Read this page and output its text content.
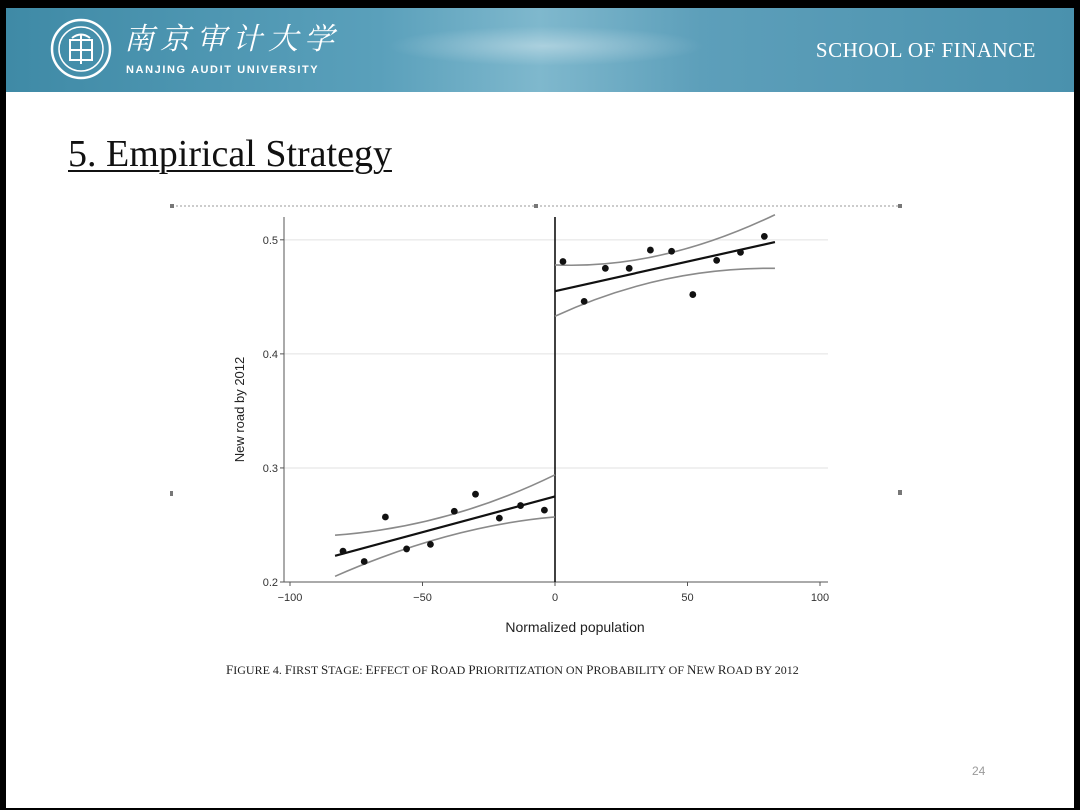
南京审计大学
NANJING AUDIT UNIVERSITY
SCHOOL OF FINANCE
5. Empirical Strategy
0.2
0.3
0.4
0.5
−100	−50	0	50	100
Normalized population
New road by 2012
FIGURE 4. FIRST STAGE: EFFECT OF ROAD PRIORITIZATION ON PROBABILITY OF NEW ROAD BY 2012
24
